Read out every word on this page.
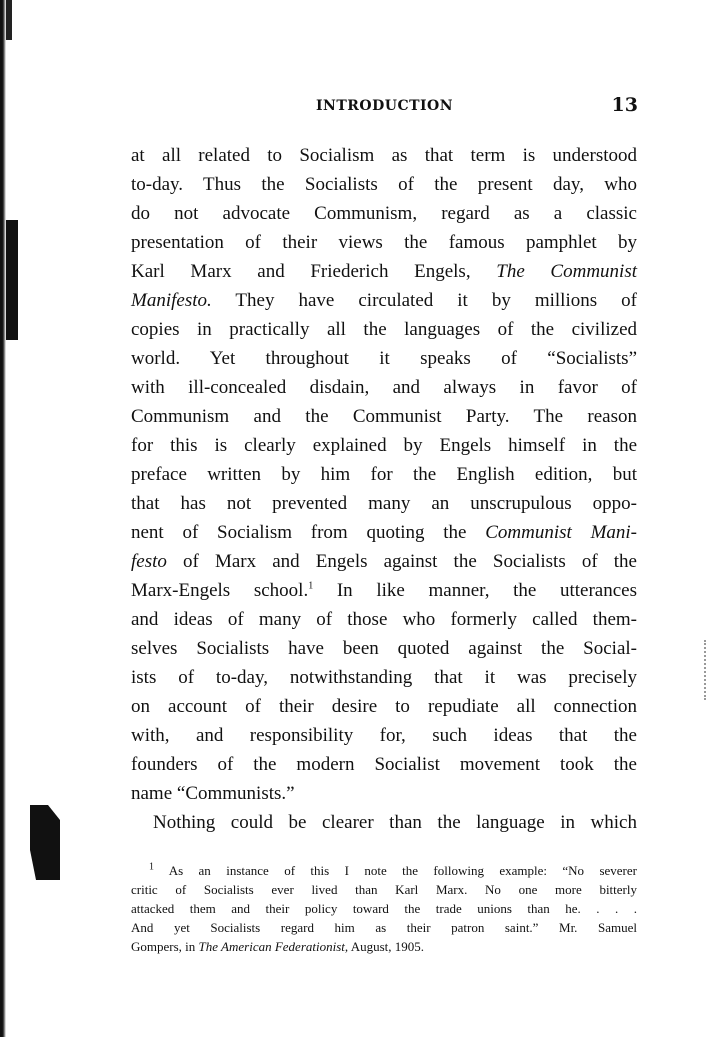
INTRODUCTION	13
at all related to Socialism as that term is understood
to-day. Thus the Socialists of the present day, who
do not advocate Communism, regard as a classic
presentation of their views the famous pamphlet by
Karl Marx and Friederich Engels, The Communist
Manifesto. They have circulated it by millions of
copies in practically all the languages of the civilized
world. Yet throughout it speaks of “Socialists”
with ill-concealed disdain, and always in favor of
Communism and the Communist Party. The reason
for this is clearly explained by Engels himself in the
preface written by him for the English edition, but
that has not prevented many an unscrupulous oppo-
nent of Socialism from quoting the Communist Mani-
festo of Marx and Engels against the Socialists of the
Marx-Engels school.$^1$ In like manner, the utterances
and ideas of many of those who formerly called them-
selves Socialists have been quoted against the Social-
ists of to-day, notwithstanding that it was precisely
on account of their desire to repudiate all connection
with, and responsibility for, such ideas that the
founders of the modern Socialist movement took the
name “Communists.”
Nothing could be clearer than the language in which
$^1$ As an instance of this I note the following example: “No severer
critic of Socialists ever lived than Karl Marx. No one more bitterly
attacked them and their policy toward the trade unions than he. . . .
And yet Socialists regard him as their patron saint.” Mr. Samuel
Gompers, in The American Federationist, August, 1905.
